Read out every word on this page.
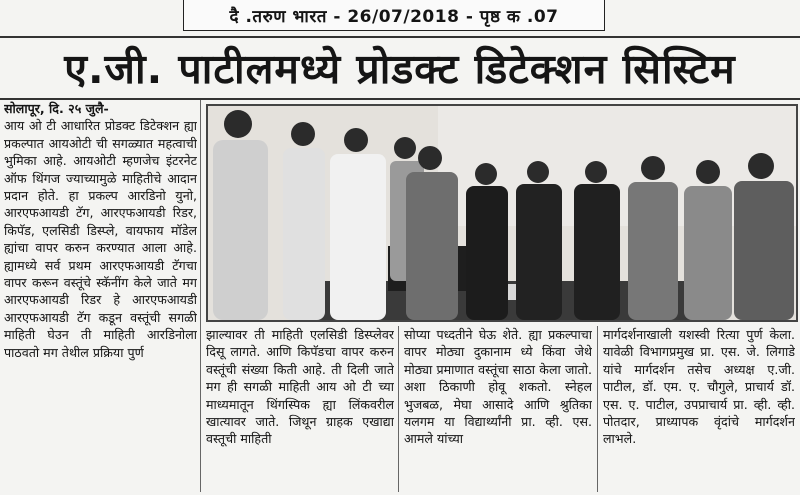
दै .तरुण भारत - 26/07/2018 - पृष्ठ क .07
ए.जी. पाटीलमध्ये प्रोडक्ट डिटेक्शन सिस्टिम

सोलापूर, दि. २५ जुलै-

आय ओ टी आधारित प्रोडक्ट डिटेक्शन ह्या प्रकल्पात आयओटी ची सगळ्यात महत्वाची भुमिका आहे. आयओटी म्हणजेच इंटरनेट ऑफ थिंगज ज्याच्यामुळे माहितीचे आदान प्रदान होते. हा प्रकल्प आरडिनो युनो, आरएफआयडी टॅग, आरएफआयडी रिडर, किपॅड, एलसिडी डिस्प्ले, वायफाय मॉडेल ह्यांचा वापर करुन करण्यात आला आहे. ह्यामध्ये सर्व प्रथम आरएफआयडी टॅगचा वापर करून वस्तूंचे स्कॅनींग केले जाते मग आरएफआयडी रिडर हे आरएफआयडी आरएफआयडी टॅग कडून वस्तूंची सगळी माहिती घेउन ती माहिती आरडिनोला पाठवतो मग तेथील प्रक्रिया पुर्ण

झाल्यावर ती माहिती एलसिडी डिस्प्लेवर दिसू लागते. आणि किपॅडचा वापर करुन वस्तूंची संख्या किती आहे. ती दिली जाते मग ही सगळी माहिती आय ओ टी च्या माध्यमातून थिंगस्पिक ह्या लिंकवरील खात्यावर जाते. जिथून ग्राहक एखाद्या वस्तूची माहिती

सोप्या पध्दतीने घेऊ शेते. ह्या प्रकल्पाचा वापर मोठ्या दुकानाम ध्ये किंवा जेथे मोठ्या प्रमाणात वस्तूंचा साठा केला जातो. अशा ठिकाणी होवू शकतो. स्नेहल भुजबळ, मेघा आसादे आणि श्रुतिका यलगम या विद्यार्थ्यांनी प्रा. व्ही. एस. आमले यांच्या

मार्गदर्शनाखाली यशस्वी रित्या पुर्ण केला. यावेळी विभागप्रमुख प्रा. एस. जे. लिगाडे यांचे मार्गदर्शन तसेच अध्यक्ष ए.जी. पाटील, डॉ. एम. ए. चौगुले, प्राचार्य डॉ. एस. ए. पाटील, उपप्राचार्य प्रा. व्ही. व्ही. पोतदार, प्राध्यापक वृंदांचे मार्गदर्शन लाभले.
